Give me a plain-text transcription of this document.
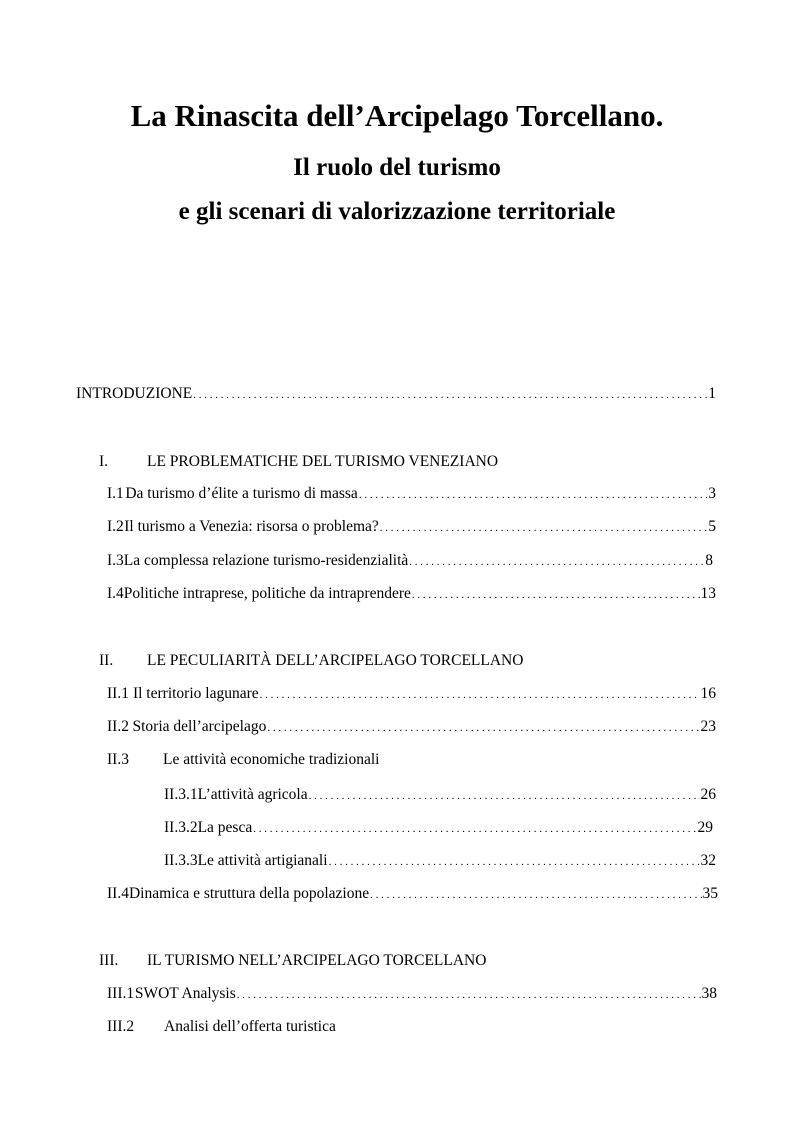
La Rinascita dell’Arcipelago Torcellano.
Il ruolo del turismo
e gli scenari di valorizzazione territoriale
INTRODUZIONE . . .	1
I.	LE PROBLEMATICHE DEL TURISMO VENEZIANO
I.1 Da turismo d’élite a turismo di massa . . .	3
I.2 Il turismo a Venezia: risorsa o problema? . . .	5
I.3 La complessa relazione turismo-residenzialità . . .	8
I.4 Politiche intraprese, politiche da intraprendere . . .	13
II.	LE PECULIARITÀ DELL’ARCIPELAGO TORCELLANO
II.1 Il territorio lagunare . . .	16
II.2 Storia dell’arcipelago . . .	23
II.3	Le attività economiche tradizionali
II.3.1 L’attività agricola . . .	26
II.3.2 La pesca . . .	29
II.3.3 Le attività artigianali . . .	32
II.4 Dinamica e struttura della popolazione . . .	35
III.	IL TURISMO NELL’ARCIPELAGO TORCELLANO
III.1 SWOT Analysis . . .	38
III.2	Analisi dell’offerta turistica
